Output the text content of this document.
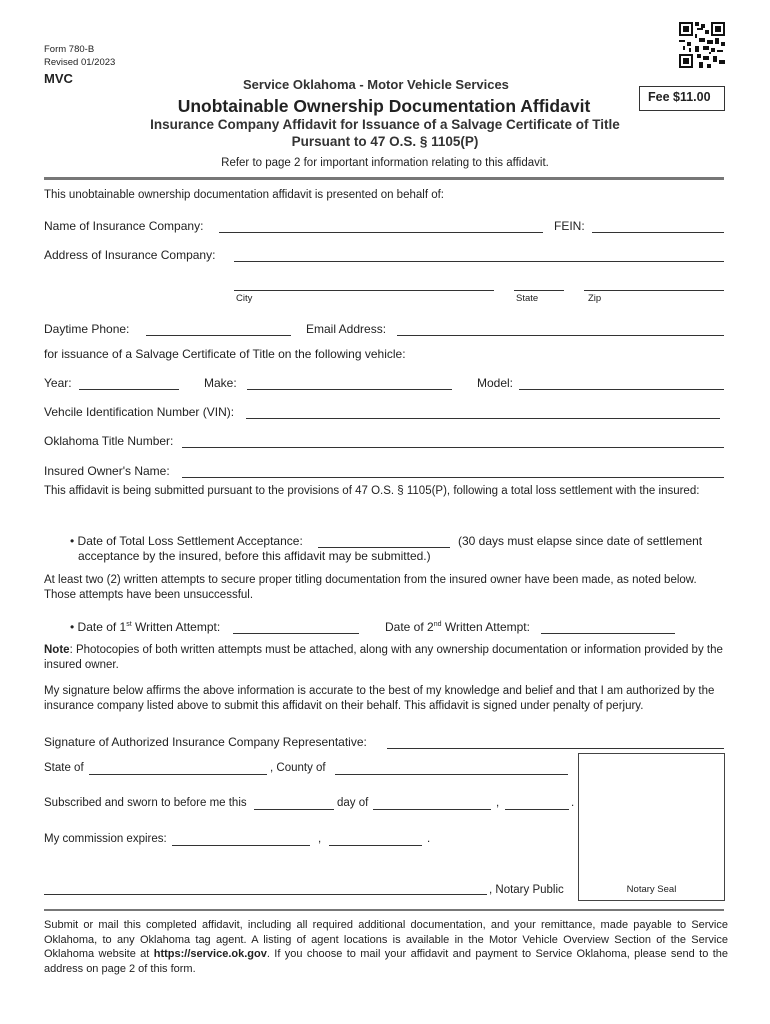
Form 780-B
Revised 01/2023
MVC	Service Oklahoma - Motor Vehicle Services
Fee $11.00
Unobtainable Ownership Documentation Affidavit
Insurance Company Affidavit for Issuance of a Salvage Certificate of Title
Pursuant to 47 O.S. § 1105(P)
Refer to page 2 for important information relating to this affidavit.
This unobtainable ownership documentation affidavit is presented on behalf of:
Name of Insurance Company:	FEIN:
Address of Insurance Company:
City	State	Zip
Daytime Phone:	Email Address:
for issuance of a Salvage Certificate of Title on the following vehicle:
Year:	Make:	Model:
Vehcile Identification Number (VIN):
Oklahoma Title Number:
Insured Owner's Name:
This affidavit is being submitted pursuant to the provisions of 47 O.S. § 1105(P), following a total loss settlement with the insured:
• Date of Total Loss Settlement Acceptance:	(30 days must elapse since date of settlement
acceptance by the insured, before this affidavit may be submitted.)

At least two (2) written attempts to secure proper titling documentation from the insured owner have been made, as noted below. Those attempts have been unsuccessful.

• Date of 1st Written Attempt:	Date of 2nd Written Attempt:

Note: Photocopies of both written attempts must be attached, along with any ownership documentation or information provided by the insured owner.

My signature below affirms the above information is accurate to the best of my knowledge and belief and that I am authorized by the insurance company listed above to submit this affidavit on their behalf. This affidavit is signed under penalty of perjury.

Signature of Authorized Insurance Company Representative:
Notary Seal
State of	, County of
Subscribed and sworn to before me this	day of	,	.
My commission expires:	,	.
, Notary Public

Submit or mail this completed affidavit, including all required additional documentation, and your remittance, made payable to Service Oklahoma, to any Oklahoma tag agent. A listing of agent locations is available in the Motor Vehicle Overview Section of the Service Oklahoma website at https://service.ok.gov. If you choose to mail your affidavit and payment to Service Oklahoma, please send to the address on page 2 of this form.
